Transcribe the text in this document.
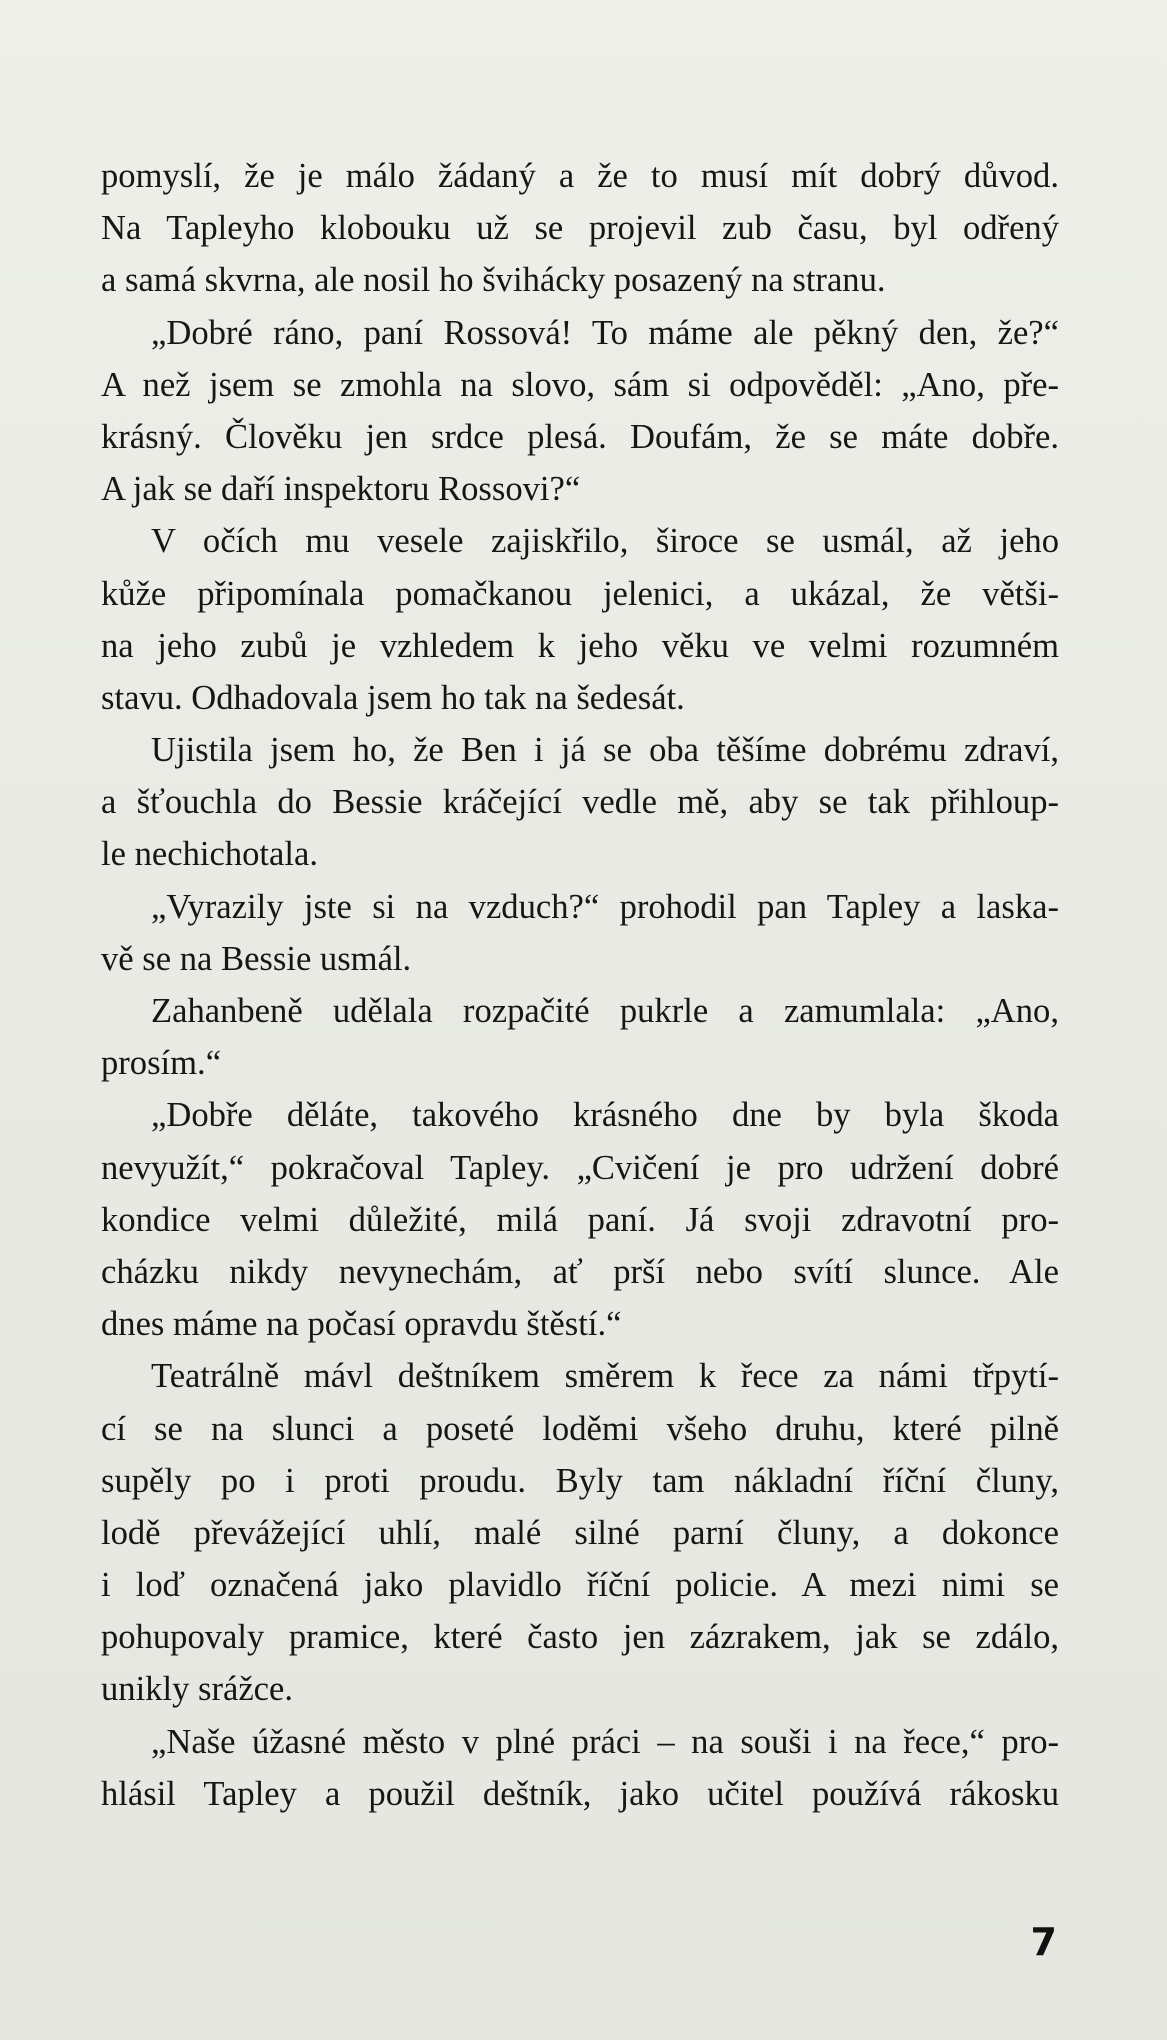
pomyslí, že je málo žádaný a že to musí mít dobrý důvod.
Na Tapleyho klobouku už se projevil zub času, byl odřený
a samá skvrna, ale nosil ho švihácky posazený na stranu.
„Dobré ráno, paní Rossová! To máme ale pěkný den, že?“
A než jsem se zmohla na slovo, sám si odpověděl: „Ano, pře-
krásný. Člověku jen srdce plesá. Doufám, že se máte dobře.
A jak se daří inspektoru Rossovi?“
V očích mu vesele zajiskřilo, široce se usmál, až jeho
kůže připomínala pomačkanou jelenici, a ukázal, že větši-
na jeho zubů je vzhledem k jeho věku ve velmi rozumném
stavu. Odhadovala jsem ho tak na šedesát.
Ujistila jsem ho, že Ben i já se oba těšíme dobrému zdraví,
a šťouchla do Bessie kráčející vedle mě, aby se tak přihloup-
le nechichotala.
„Vyrazily jste si na vzduch?“ prohodil pan Tapley a laska-
vě se na Bessie usmál.
Zahanbeně udělala rozpačité pukrle a zamumlala: „Ano,
prosím.“
„Dobře děláte, takového krásného dne by byla škoda
nevyužít,“ pokračoval Tapley. „Cvičení je pro udržení dobré
kondice velmi důležité, milá paní. Já svoji zdravotní pro-
cházku nikdy nevynechám, ať prší nebo svítí slunce. Ale
dnes máme na počasí opravdu štěstí.“
Teatrálně mávl deštníkem směrem k řece za námi třpytí-
cí se na slunci a poseté loděmi všeho druhu, které pilně
supěly po i proti proudu. Byly tam nákladní říční čluny,
lodě převážející uhlí, malé silné parní čluny, a dokonce
i loď označená jako plavidlo říční policie. A mezi nimi se
pohupovaly pramice, které často jen zázrakem, jak se zdálo,
unikly srážce.
„Naše úžasné město v plné práci – na souši i na řece,“ pro-
hlásil Tapley a použil deštník, jako učitel používá rákosku
7
